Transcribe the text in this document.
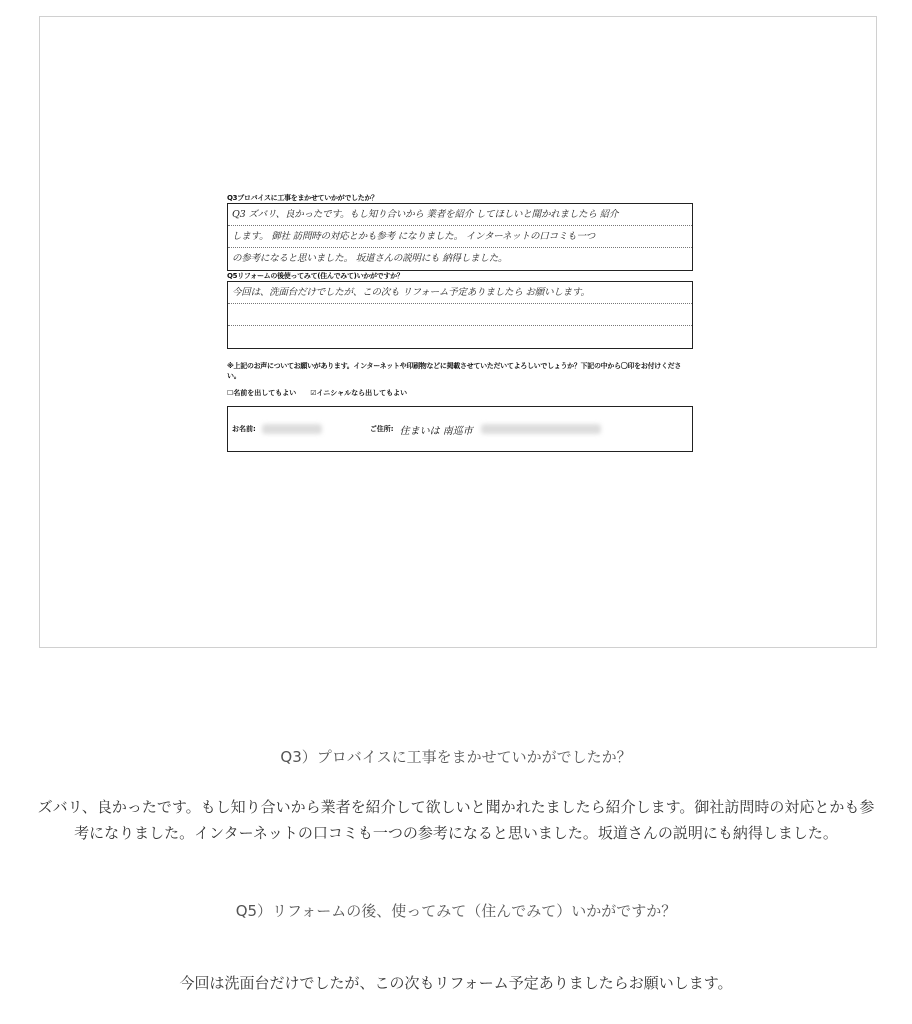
Q3プロバイスに工事をまかせていかがでしたか？
Q3 ズバリ、良かったです。もし知り合いから 業者を紹介 してほしいと聞かれましたら 紹介
します。 御社 訪問時の対応とかも参考 になりました。 インターネットの口コミも一つ
の参考になると思いました。 坂道さんの説明にも 納得しました。
Q5リフォームの後使ってみて(住んでみて)いかがですか？
今回は、洗面台だけでしたが、この次も リフォーム予定ありましたら お願いします。
※上記のお声についてお願いがあります。インターネットや印刷物などに掲載させていただいてよろしいでしょうか？下記の中から〇印をお付けください。
☐名前を出してもよい ☑イニシャルなら出してもよい
お名前:	ご住所: 住まいは 南巡市

Q3）プロバイスに工事をまかせていかがでしたか？

ズバリ、良かったです。もし知り合いから業者を紹介して欲しいと聞かれたましたら紹介します。御社訪問時の対応とかも参考になりました。インターネットの口コミも一つの参考になると思いました。坂道さんの説明にも納得しました。

Q5）リフォームの後、使ってみて（住んでみて）いかがですか？

今回は洗面台だけでしたが、この次もリフォーム予定ありましたらお願いします。
